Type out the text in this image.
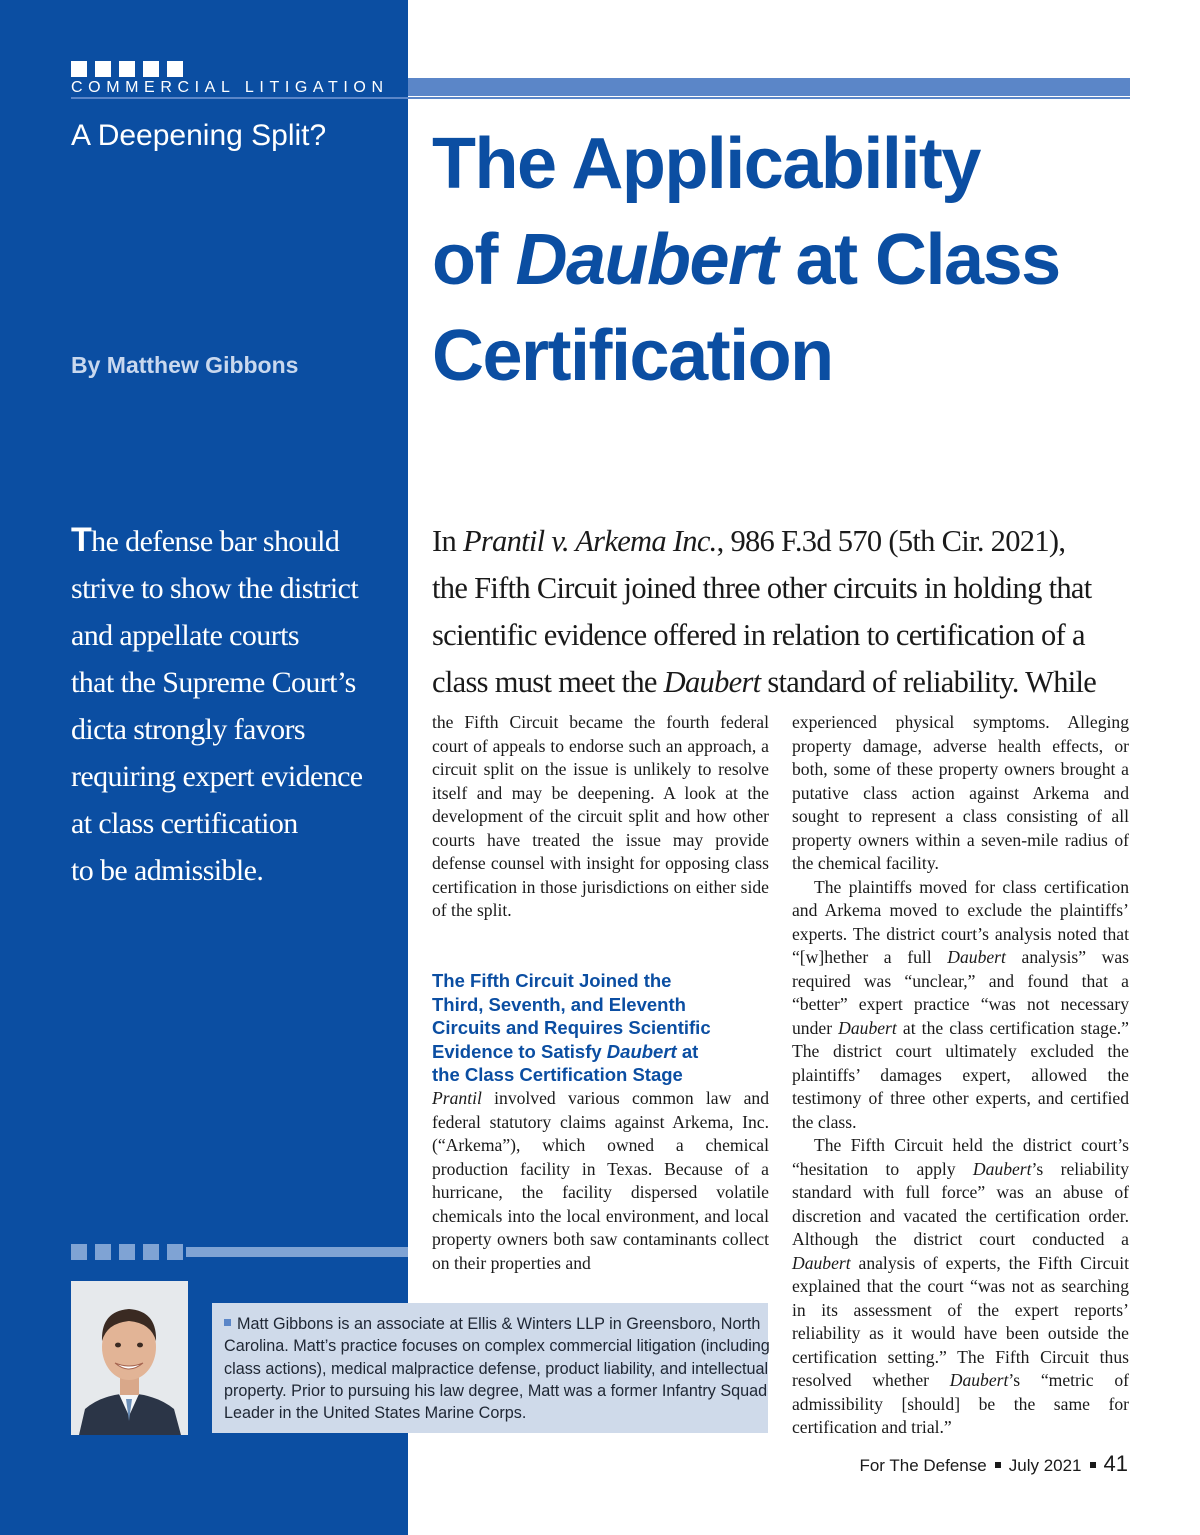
COMMERCIAL LITIGATION
A Deepening Split?
By Matthew Gibbons
The Applicability
of Daubert at Class
Certification
The defense bar should
strive to show the district
and appellate courts
that the Supreme Court’s
dicta strongly favors
requiring expert evidence
at class certification
to be admissible.
In Prantil v. Arkema Inc., 986 F.3d 570 (5th Cir. 2021),
the Fifth Circuit joined three other circuits in holding that
scientific evidence offered in relation to certification of a
class must meet the Daubert standard of reliability. While

the Fifth Circuit became the fourth federal court of appeals to endorse such an approach, a circuit split on the issue is unlikely to resolve itself and may be deepening. A look at the development of the circuit split and how other courts have treated the issue may provide defense counsel with insight for opposing class certification in those jurisdictions on either side of the split.

The Fifth Circuit Joined the
Third, Seventh, and Eleventh
Circuits and Requires Scientific
Evidence to Satisfy Daubert at
the Class Certification Stage

Prantil involved various common law and federal statutory claims against Arkema, Inc. (“Arkema”), which owned a chemical production facility in Texas. Because of a hurricane, the facility dispersed volatile chemicals into the local environment, and local property owners both saw contaminants collect on their properties and

experienced physical symptoms. Alleging property damage, adverse health effects, or both, some of these property owners brought a putative class action against Arkema and sought to represent a class consisting of all property owners within a seven-mile radius of the chemical facility.

The plaintiffs moved for class certification and Arkema moved to exclude the plaintiffs’ experts. The district court’s analysis noted that “[w]hether a full Daubert analysis” was required was “unclear,” and found that a “better” expert practice “was not necessary under Daubert at the class certification stage.” The district court ultimately excluded the plaintiffs’ damages expert, allowed the testimony of three other experts, and certified the class.

The Fifth Circuit held the district court’s “hesitation to apply Daubert’s reliability standard with full force” was an abuse of discretion and vacated the certification order. Although the district court conducted a Daubert analysis of experts, the Fifth Circuit explained that the court “was not as searching in its assessment of the expert reports’ reliability as it would have been outside the certification setting.” The Fifth Circuit thus resolved whether Daubert’s “metric of admissibility [should] be the same for certification and trial.”

Matt Gibbons is an associate at Ellis & Winters LLP in Greensboro, North
Carolina. Matt’s practice focuses on complex commercial litigation (including
class actions), medical malpractice defense, product liability, and intellectual
property. Prior to pursuing his law degree, Matt was a former Infantry Squad
Leader in the United States Marine Corps.
For The Defense July 2021 41
